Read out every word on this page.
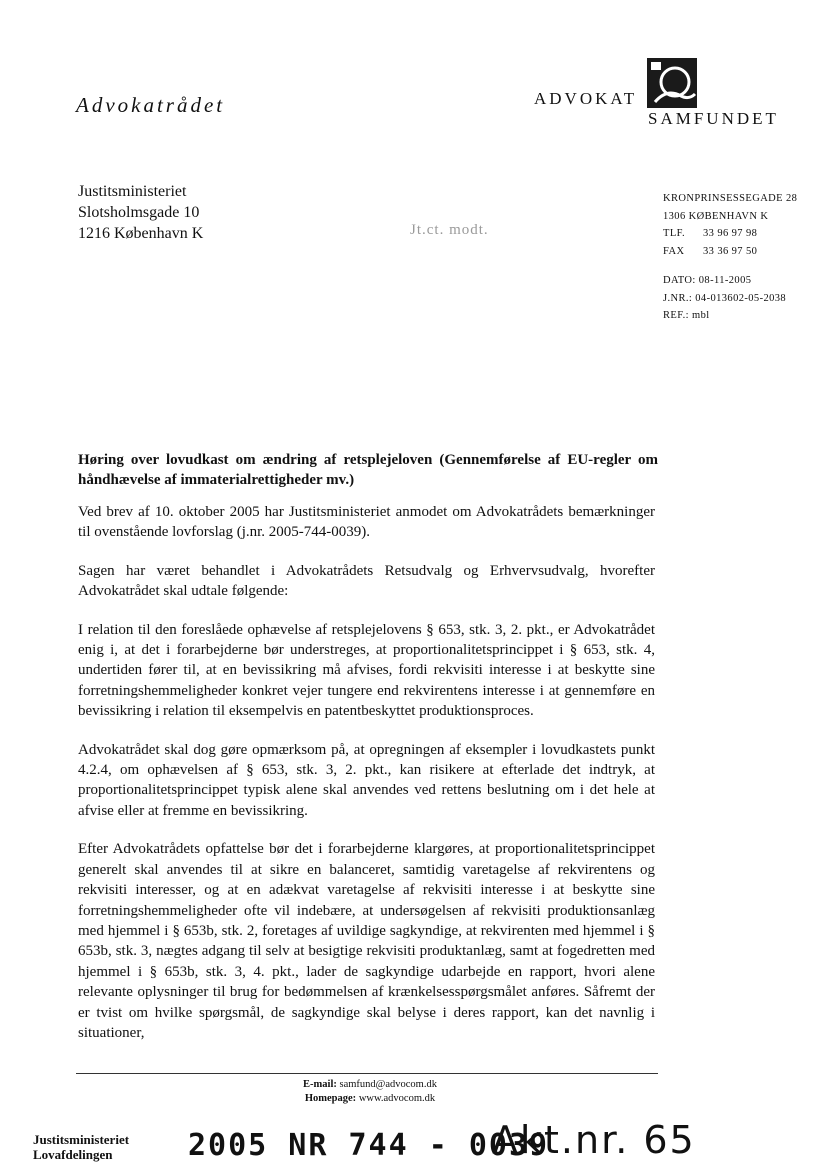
Advokatrådet	ADVOKAT
SAMFUNDET
Justitsministeriet
Slotsholmsgade 10
1216 København K	Jt.ct. modt.
KRONPRINSESSEGADE 28
1306 KØBENHAVN K
TLF. 33 96 97 98
FAX 33 36 97 50
DATO: 08-11-2005
J.NR.: 04-013602-05-2038
REF.: mbl
Høring over lovudkast om ændring af retsplejeloven (Gennemførelse af EU-regler om håndhævelse af immaterialrettigheder mv.)

Ved brev af 10. oktober 2005 har Justitsministeriet anmodet om Advokatrådets bemærkninger til ovenstående lovforslag (j.nr. 2005-744-0039).

Sagen har været behandlet i Advokatrådets Retsudvalg og Erhvervsudvalg, hvorefter Advokatrådet skal udtale følgende:

I relation til den foreslåede ophævelse af retsplejelovens § 653, stk. 3, 2. pkt., er Advokatrådet enig i, at det i forarbejderne bør understreges, at proportionalitetsprincippet i § 653, stk. 4, undertiden fører til, at en bevissikring må afvises, fordi rekvisiti interesse i at beskytte sine forretningshemmeligheder konkret vejer tungere end rekvirentens interesse i at gennemføre en bevissikring i relation til eksempelvis en patentbeskyttet produktionsproces.

Advokatrådet skal dog gøre opmærksom på, at opregningen af eksempler i lovudkastets punkt 4.2.4, om ophævelsen af § 653, stk. 3, 2. pkt., kan risikere at efterlade det indtryk, at proportionalitetsprincippet typisk alene skal anvendes ved rettens beslutning om i det hele at afvise eller at fremme en bevissikring.

Efter Advokatrådets opfattelse bør det i forarbejderne klargøres, at proportionalitetsprincippet generelt skal anvendes til at sikre en balanceret, samtidig varetagelse af rekvirentens og rekvisiti interesser, og at en adækvat varetagelse af rekvisiti interesse i at beskytte sine forretningshemmeligheder ofte vil indebære, at undersøgelsen af rekvisiti produktionsanlæg med hjemmel i § 653b, stk. 2, foretages af uvildige sagkyndige, at rekvirenten med hjemmel i § 653b, stk. 3, nægtes adgang til selv at besigtige rekvisiti produktanlæg, samt at fogedretten med hjemmel i § 653b, stk. 3, 4. pkt., lader de sagkyndige udarbejde en rapport, hvori alene relevante oplysninger til brug for bedømmelsen af krænkelsesspørgsmålet anføres. Såfremt der er tvist om hvilke spørgsmål, de sagkyndige skal belyse i deres rapport, kan det navnlig i situationer,

E-mail: samfund@advocom.dk
Homepage: www.advocom.dk
Justitsministeriet
Lovafdelingen	2005 NR 744 - 0039
Akt.nr. 65
